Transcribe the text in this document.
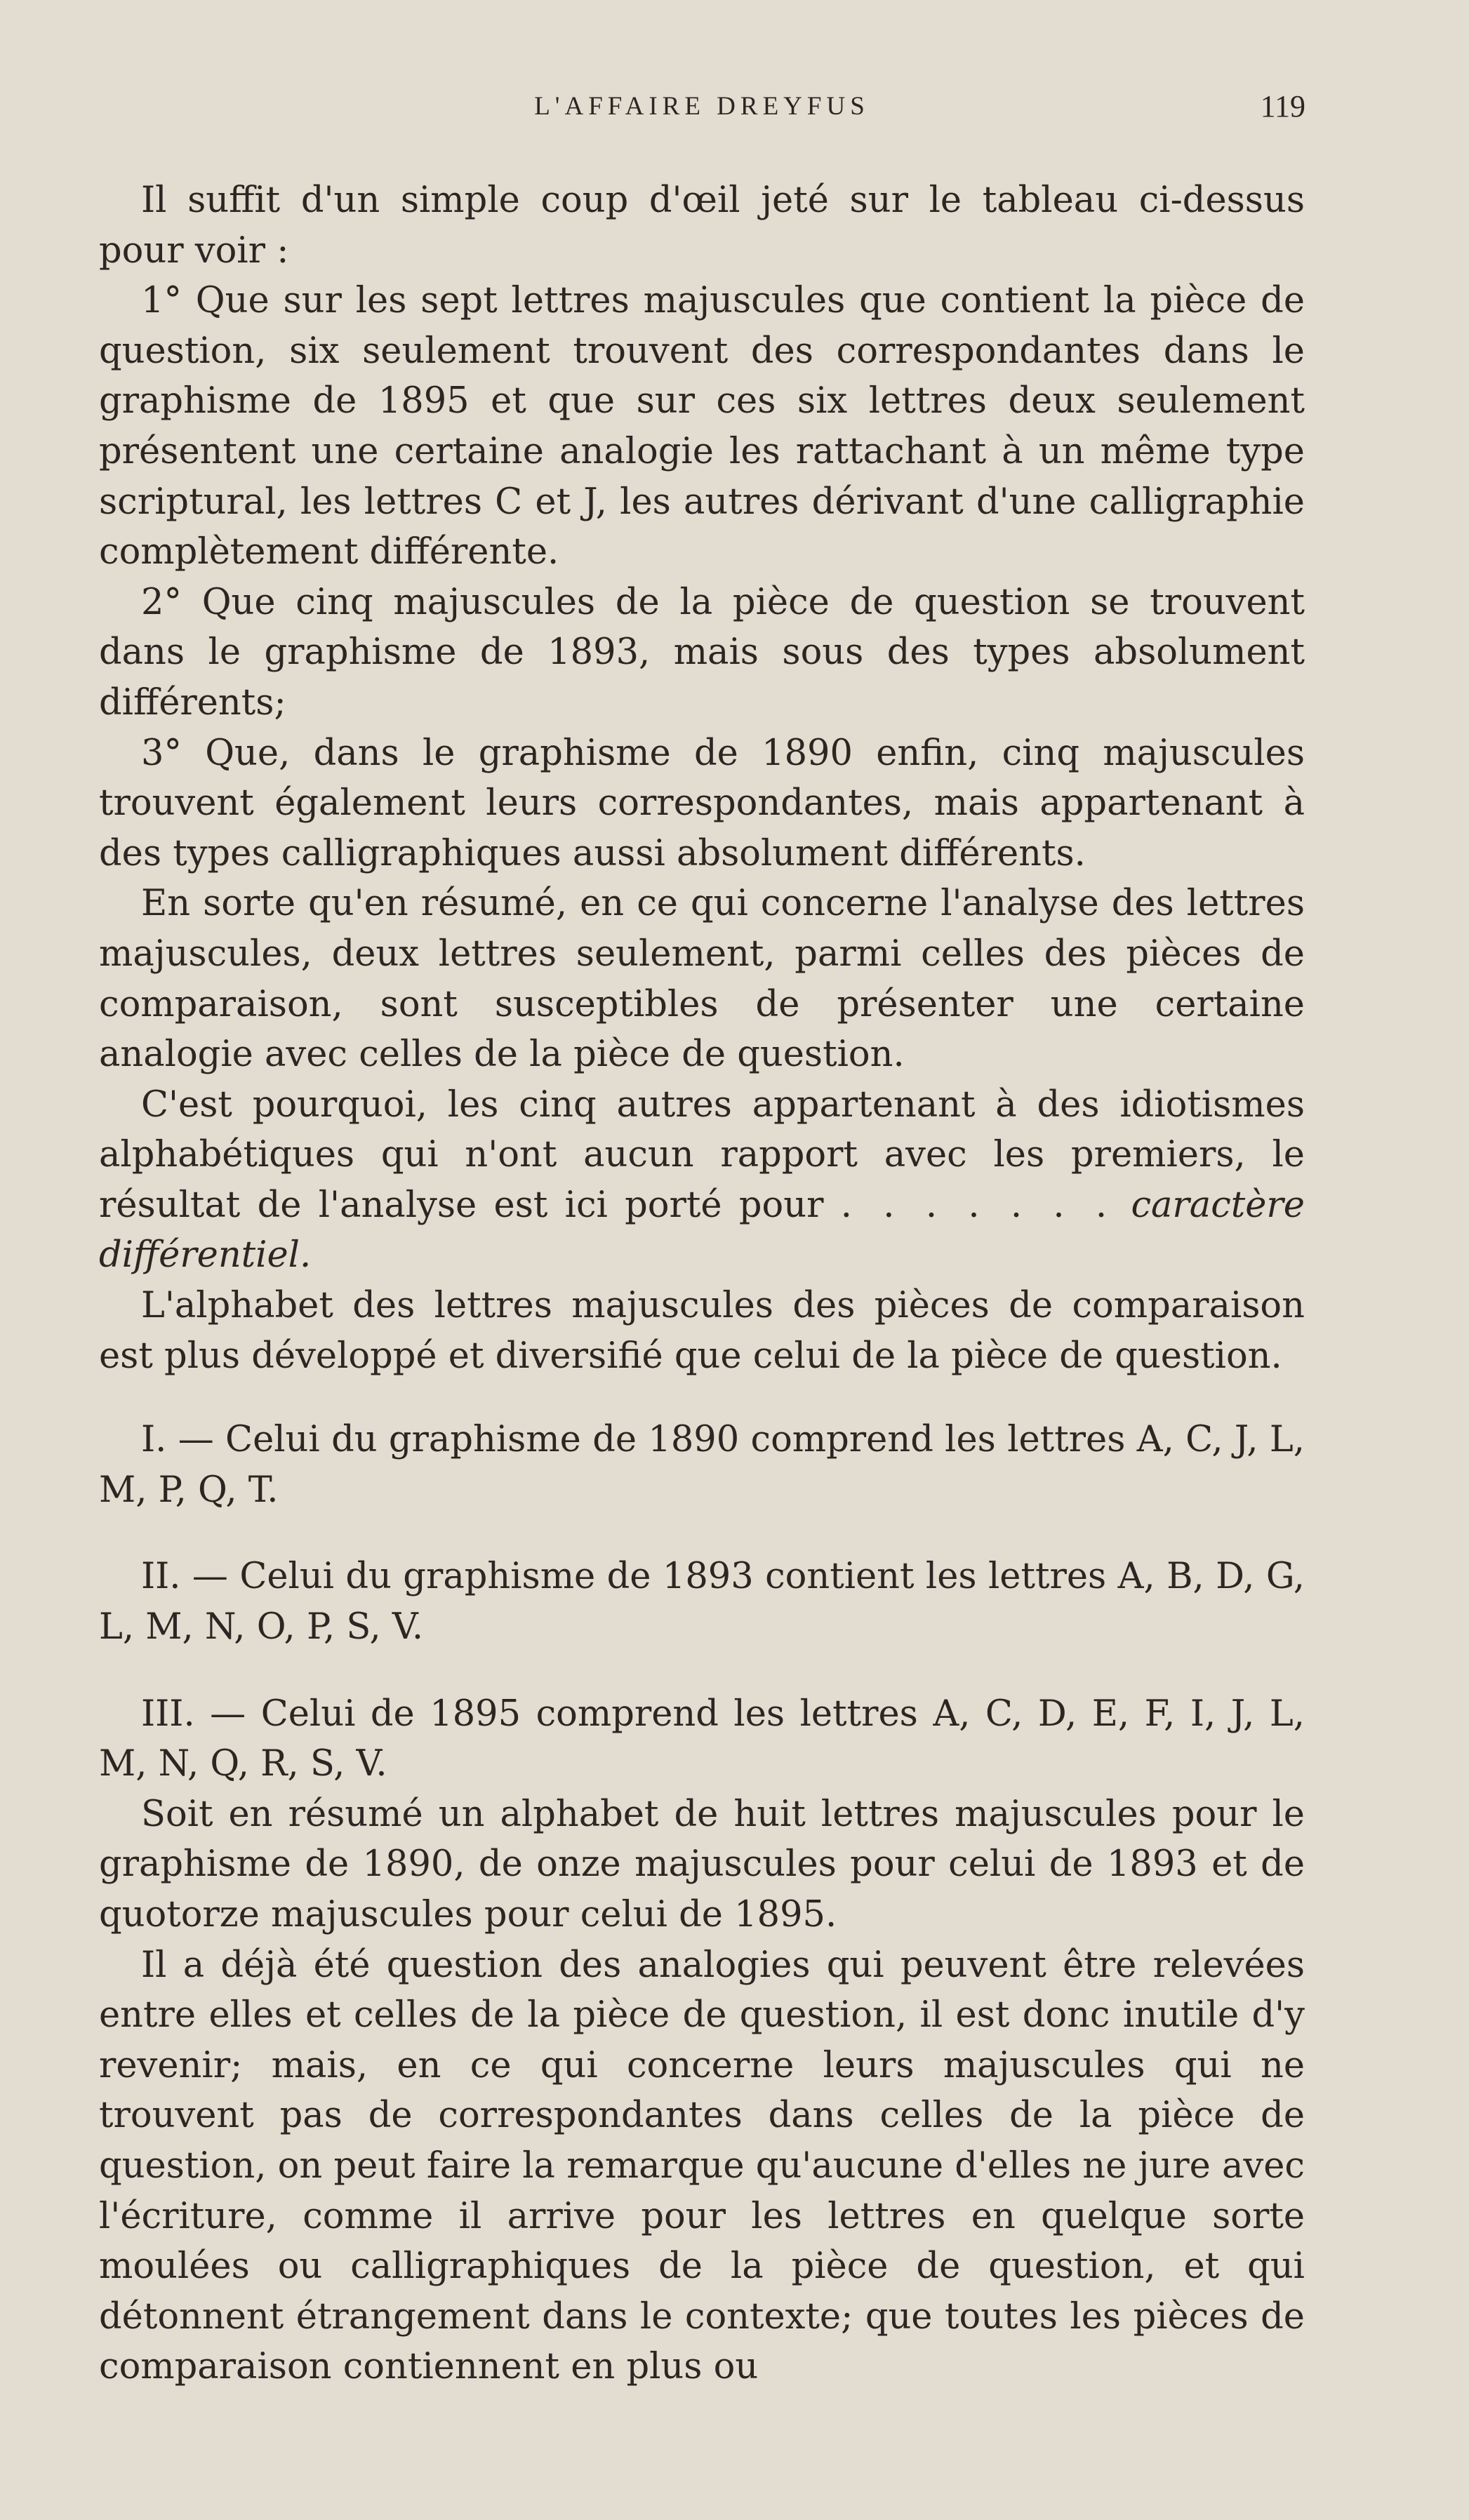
L'AFFAIRE DREYFUS	119

Il suffit d'un simple coup d'œil jeté sur le tableau ci-dessus pour voir :

1° Que sur les sept lettres majuscules que contient la pièce de question, six seulement trouvent des correspondantes dans le graphisme de 1895 et que sur ces six lettres deux seulement présentent une certaine analogie les rattachant à un même type scriptural, les lettres C et J, les autres dérivant d'une calligraphie complètement différente.

2° Que cinq majuscules de la pièce de question se trouvent dans le graphisme de 1893, mais sous des types absolument différents;

3° Que, dans le graphisme de 1890 enfin, cinq majuscules trouvent également leurs correspondantes, mais appartenant à des types calligraphiques aussi absolument différents.

En sorte qu'en résumé, en ce qui concerne l'analyse des lettres majuscules, deux lettres seulement, parmi celles des pièces de comparaison, sont susceptibles de présenter une certaine analogie avec celles de la pièce de question.

C'est pourquoi, les cinq autres appartenant à des idiotismes alphabétiques qui n'ont aucun rapport avec les premiers, le résultat de l'analyse est ici porté pour . . . . . . . caractère différentiel.

L'alphabet des lettres majuscules des pièces de comparaison est plus développé et diversifié que celui de la pièce de question.

I. — Celui du graphisme de 1890 comprend les lettres A, C, J, L, M, P, Q, T.

II. — Celui du graphisme de 1893 contient les lettres A, B, D, G, L, M, N, O, P, S, V.

III. — Celui de 1895 comprend les lettres A, C, D, E, F, I, J, L, M, N, Q, R, S, V.

Soit en résumé un alphabet de huit lettres majuscules pour le graphisme de 1890, de onze majuscules pour celui de 1893 et de quotorze majuscules pour celui de 1895.

Il a déjà été question des analogies qui peuvent être relevées entre elles et celles de la pièce de question, il est donc inutile d'y revenir; mais, en ce qui concerne leurs majuscules qui ne trouvent pas de correspondantes dans celles de la pièce de question, on peut faire la remarque qu'aucune d'elles ne jure avec l'écriture, comme il arrive pour les lettres en quelque sorte moulées ou calligraphiques de la pièce de question, et qui détonnent étrangement dans le contexte; que toutes les pièces de comparaison contiennent en plus ou
